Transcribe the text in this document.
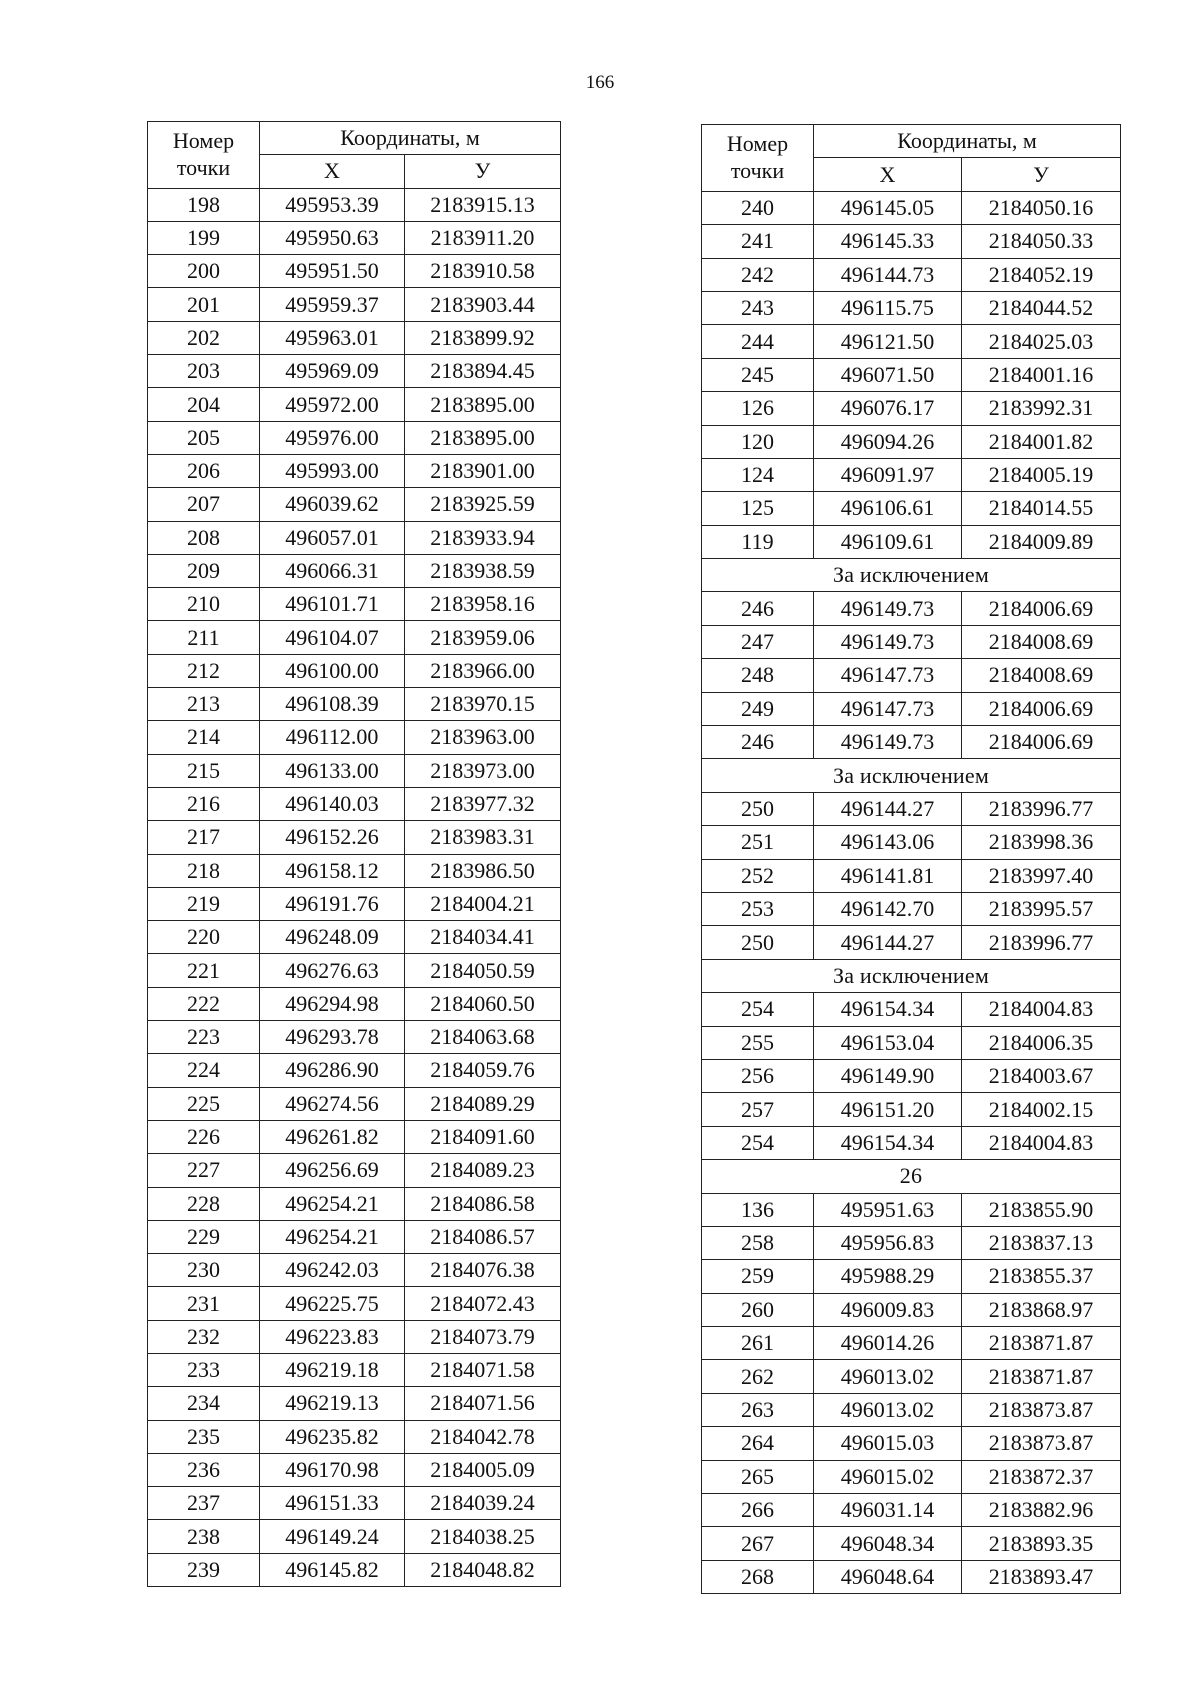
166
Номер	Координаты, м	
точки	X	У
198	495953.39	2183915.13
199	495950.63	2183911.20
200	495951.50	2183910.58
201	495959.37	2183903.44
202	495963.01	2183899.92
203	495969.09	2183894.45
204	495972.00	2183895.00
205	495976.00	2183895.00
206	495993.00	2183901.00
207	496039.62	2183925.59
208	496057.01	2183933.94
209	496066.31	2183938.59
210	496101.71	2183958.16
211	496104.07	2183959.06
212	496100.00	2183966.00
213	496108.39	2183970.15
214	496112.00	2183963.00
215	496133.00	2183973.00
216	496140.03	2183977.32
217	496152.26	2183983.31
218	496158.12	2183986.50
219	496191.76	2184004.21
220	496248.09	2184034.41
221	496276.63	2184050.59
222	496294.98	2184060.50
223	496293.78	2184063.68
224	496286.90	2184059.76
225	496274.56	2184089.29
226	496261.82	2184091.60
227	496256.69	2184089.23
228	496254.21	2184086.58
229	496254.21	2184086.57
230	496242.03	2184076.38
231	496225.75	2184072.43
232	496223.83	2184073.79
233	496219.18	2184071.58
234	496219.13	2184071.56
235	496235.82	2184042.78
236	496170.98	2184005.09
237	496151.33	2184039.24
238	496149.24	2184038.25
239	496145.82	2184048.82
Номер	Координаты, м	
точки	X	У
240	496145.05	2184050.16
241	496145.33	2184050.33
242	496144.73	2184052.19
243	496115.75	2184044.52
244	496121.50	2184025.03
245	496071.50	2184001.16
126	496076.17	2183992.31
120	496094.26	2184001.82
124	496091.97	2184005.19
125	496106.61	2184014.55
119	496109.61	2184009.89
За исключением		
246	496149.73	2184006.69
247	496149.73	2184008.69
248	496147.73	2184008.69
249	496147.73	2184006.69
246	496149.73	2184006.69
За исключением		
250	496144.27	2183996.77
251	496143.06	2183998.36
252	496141.81	2183997.40
253	496142.70	2183995.57
250	496144.27	2183996.77
За исключением		
254	496154.34	2184004.83
255	496153.04	2184006.35
256	496149.90	2184003.67
257	496151.20	2184002.15
254	496154.34	2184004.83
26		
136	495951.63	2183855.90
258	495956.83	2183837.13
259	495988.29	2183855.37
260	496009.83	2183868.97
261	496014.26	2183871.87
262	496013.02	2183871.87
263	496013.02	2183873.87
264	496015.03	2183873.87
265	496015.02	2183872.37
266	496031.14	2183882.96
267	496048.34	2183893.35
268	496048.64	2183893.47
